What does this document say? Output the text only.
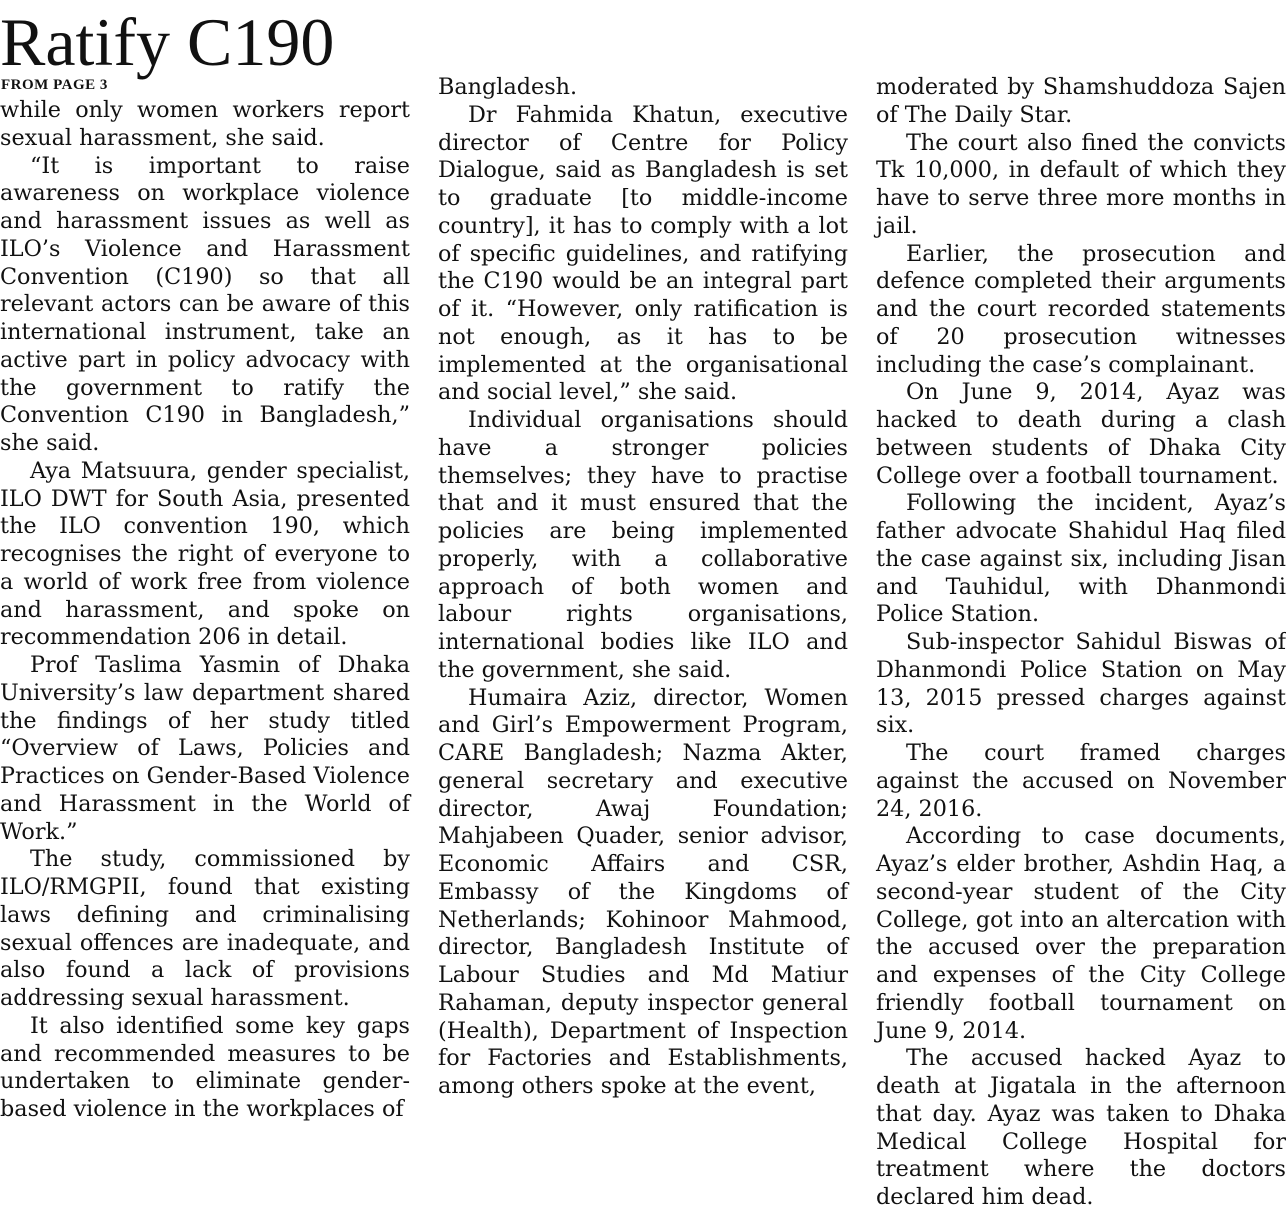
Ratify C190
FROM PAGE 3

while only women workers report sexual harassment, she said.

“It is important to raise awareness on workplace violence and harassment issues as well as ILO’s Violence and Harassment Convention (C190) so that all relevant actors can be aware of this international instrument, take an active part in policy advocacy with the government to ratify the Convention C190 in Bangladesh,” she said.

Aya Matsuura, gender specialist, ILO DWT for South Asia, presented the ILO convention 190, which recognises the right of everyone to a world of work free from violence and harassment, and spoke on recommendation 206 in detail.

Prof Taslima Yasmin of Dhaka University’s law department shared the findings of her study titled “Overview of Laws, Policies and Practices on Gender-Based Violence and Harassment in the World of Work.”

The study, commissioned by ILO/RMGPII, found that existing laws defining and criminalising sexual offences are inadequate, and also found a lack of provisions addressing sexual harassment.

It also identified some key gaps and recommended measures to be undertaken to eliminate gender-based violence in the workplaces of

Bangladesh.

Dr Fahmida Khatun, executive director of Centre for Policy Dialogue, said as Bangladesh is set to graduate [to middle-income country], it has to comply with a lot of specific guidelines, and ratifying the C190 would be an integral part of it. “However, only ratification is not enough, as it has to be implemented at the organisational and social level,” she said.

Individual organisations should have a stronger policies themselves; they have to practise that and it must ensured that the policies are being implemented properly, with a collaborative approach of both women and labour rights organisations, international bodies like ILO and the government, she said.

Humaira Aziz, director, Women and Girl’s Empowerment Program, CARE Bangladesh; Nazma Akter, general secretary and executive director, Awaj Foundation; Mahjabeen Quader, senior advisor, Economic Affairs and CSR, Embassy of the Kingdoms of Netherlands; Kohinoor Mahmood, director, Bangladesh Institute of Labour Studies and Md Matiur Rahaman, deputy inspector general (Health), Department of Inspection for Factories and Establishments, among others spoke at the event,

moderated by Shamshuddoza Sajen of The Daily Star.

The court also fined the convicts Tk 10,000, in default of which they have to serve three more months in jail.

Earlier, the prosecution and defence completed their arguments and the court recorded statements of 20 prosecution witnesses including the case’s complainant.

On June 9, 2014, Ayaz was hacked to death during a clash between students of Dhaka City College over a football tournament.

Following the incident, Ayaz’s father advocate Shahidul Haq filed the case against six, including Jisan and Tauhidul, with Dhanmondi Police Station.

Sub-inspector Sahidul Biswas of Dhanmondi Police Station on May 13, 2015 pressed charges against six.

The court framed charges against the accused on November 24, 2016.

According to case documents, Ayaz’s elder brother, Ashdin Haq, a second-year student of the City College, got into an altercation with the accused over the preparation and expenses of the City College friendly football tournament on June 9, 2014.

The accused hacked Ayaz to death at Jigatala in the afternoon that day. Ayaz was taken to Dhaka Medical College Hospital for treatment where the doctors declared him dead.
